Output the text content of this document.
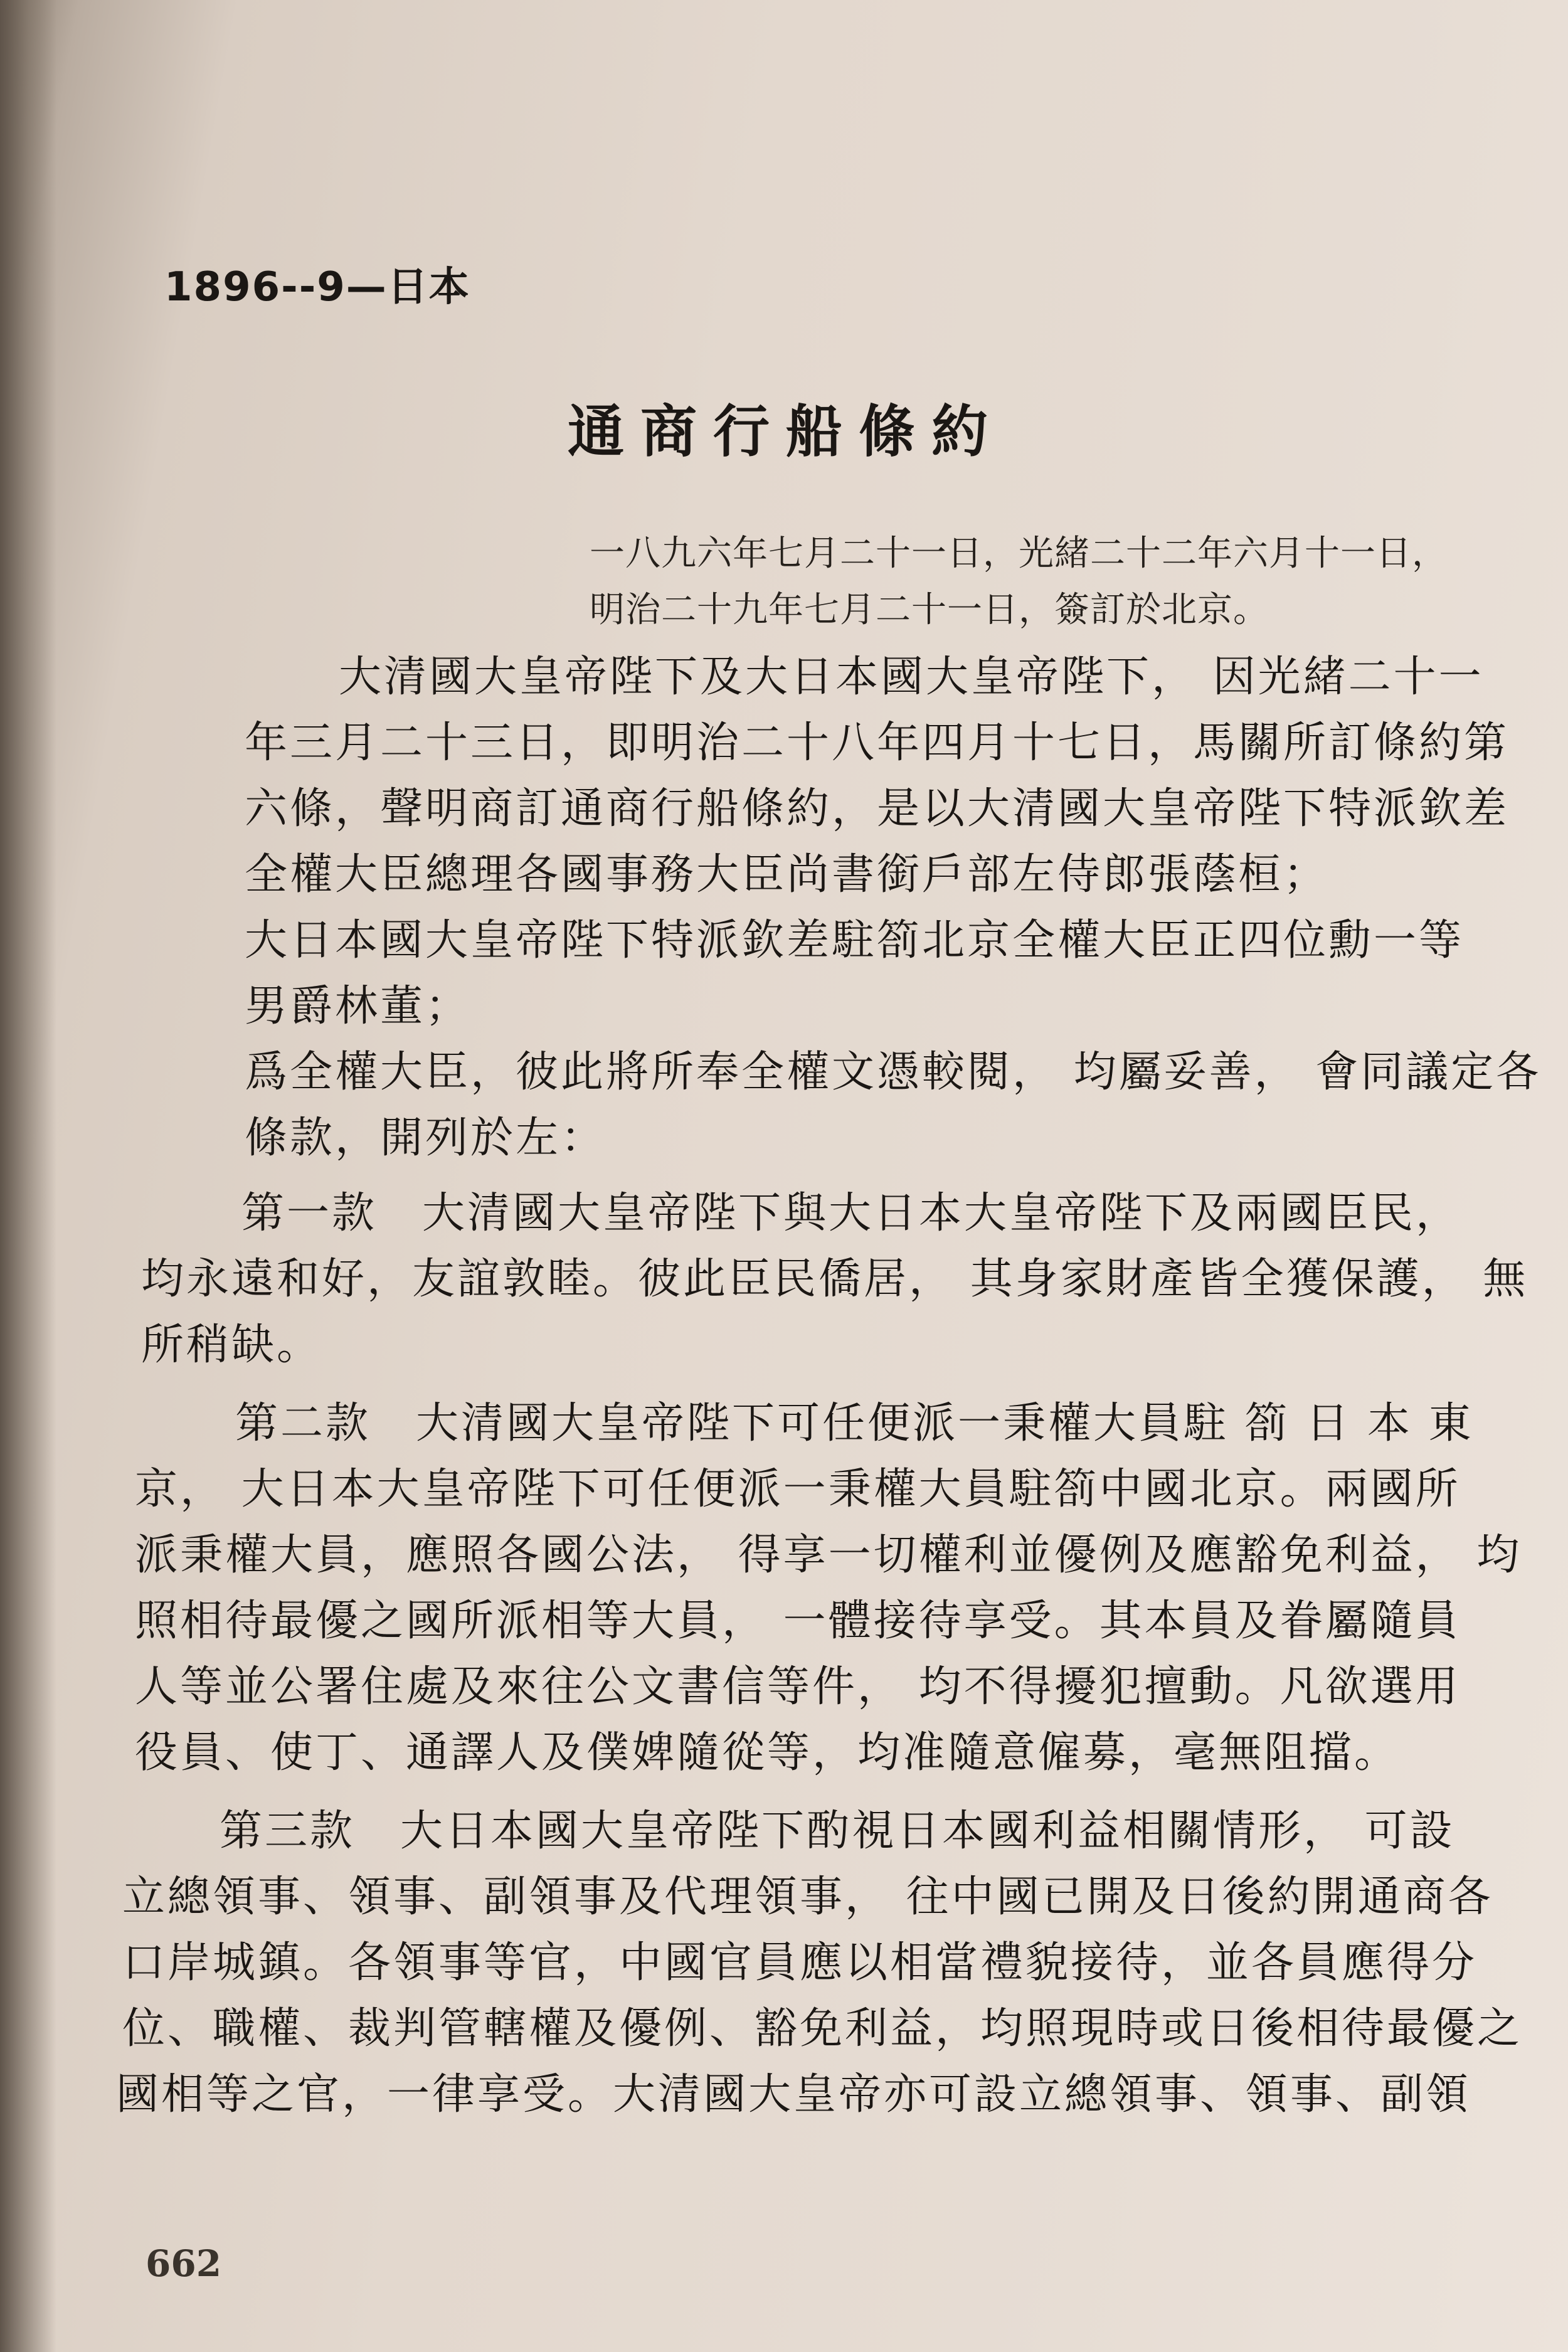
1896--9—日本
通商行船條約
一八九六年七月二十一日，光緒二十二年六月十一日，
明治二十九年七月二十一日，簽訂於北京。
大清國大皇帝陛下及大日本國大皇帝陛下， 因光緒二十一
年三月二十三日，即明治二十八年四月十七日，馬關所訂條約第
六條，聲明商訂通商行船條約，是以大清國大皇帝陛下特派欽差
全權大臣總理各國事務大臣尚書銜戶部左侍郎張蔭桓；
大日本國大皇帝陛下特派欽差駐箚北京全權大臣正四位勳一等
男爵林董；
爲全權大臣，彼此將所奉全權文憑較閱， 均屬妥善， 會同議定各
條款，開列於左：
第一款　大清國大皇帝陛下與大日本大皇帝陛下及兩國臣民，
均永遠和好，友誼敦睦。彼此臣民僑居， 其身家財產皆全獲保護， 無
所稍缺。
第二款　大清國大皇帝陛下可任便派一秉權大員駐 箚 日 本 東
京， 大日本大皇帝陛下可任便派一秉權大員駐箚中國北京。兩國所
派秉權大員，應照各國公法， 得享一切權利並優例及應豁免利益， 均
照相待最優之國所派相等大員， 一體接待享受。其本員及眷屬隨員
人等並公署住處及來往公文書信等件， 均不得擾犯擅動。凡欲選用
役員、使丁、通譯人及僕婢隨從等，均准隨意僱募，毫無阻擋。
第三款　大日本國大皇帝陛下酌視日本國利益相關情形， 可設
立總領事、領事、副領事及代理領事， 往中國已開及日後約開通商各
口岸城鎮。各領事等官，中國官員應以相當禮貌接待，並各員應得分
位、職權、裁判管轄權及優例、豁免利益，均照現時或日後相待最優之
國相等之官，一律享受。大清國大皇帝亦可設立總領事、領事、副領
662
